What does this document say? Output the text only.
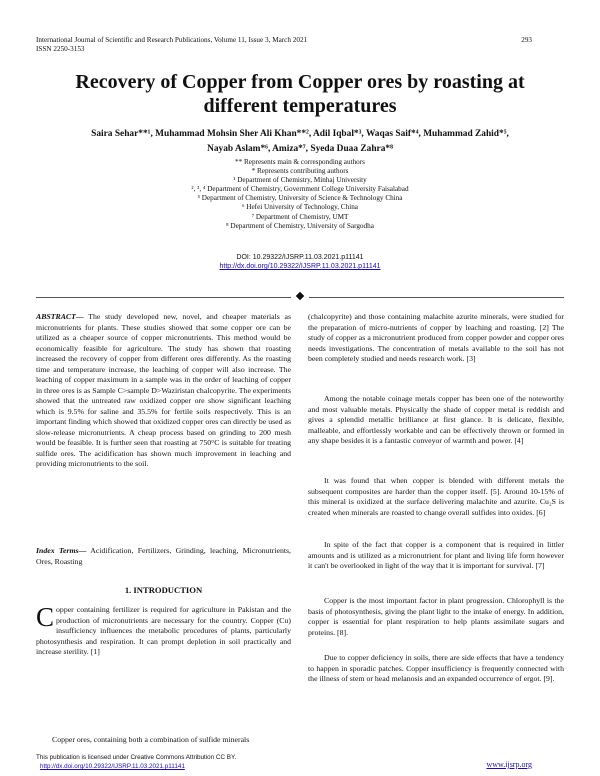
International Journal of Scientific and Research Publications, Volume 11, Issue 3, March 2021
ISSN 2250-3153
293
Recovery of Copper from Copper ores by roasting at different temperatures
Saira Sehar**¹, Muhammad Mohsin Sher Ali Khan**², Adil Iqbal*³, Waqas Saif*⁴, Muhammad Zahid*⁵,
Nayab Aslam*⁶, Amiza*⁷, Syeda Duaa Zahra*⁸
** Represents main & corresponding authors
* Represents contributing authors
¹ Department of Chemistry, Minhaj University
², ³, ⁴ Department of Chemistry, Government College University Faisalabad
⁵ Department of Chemistry, University of Science & Technology China
⁶ Hefei University of Technology, China
⁷ Department of Chemistry, UMT
⁸ Department of Chemistry, University of Sargodha
DOI: 10.29322/IJSRP.11.03.2021.p11141
http://dx.doi.org/10.29322/IJSRP.11.03.2021.p11141

ABSTRACT— The study developed new, novel, and cheaper materials as micronutrients for plants. These studies showed that some copper ore can be utilized as a cheaper source of copper micronutrients. This method would be economically feasible for agriculture. The study has shown that roasting increased the recovery of copper from different ores differently. As the roasting time and temperature increase, the leaching of copper will also increase. The leaching of copper maximum in a sample was in the order of leaching of copper in three ores is as Sample C>sample D>Waziristan chalcopyrite. The experiments showed that the untreated raw oxidized copper ore show significant leaching which is 9.5% for saline and 35.5% for fertile soils respectively. This is an important finding which showed that oxidized copper ores can directly be used as slow-release micronutrients. A cheap process based on grinding to 200 mesh would be feasible. It is further seen that roasting at 750°C is suitable for treating sulfide ores. The acidification has shown much improvement in leaching and providing micronutrients to the soil.

Index Terms— Acidification, Fertilizers, Grinding, leaching, Micronutrients, Ores, Roasting

1. INTRODUCTION

Copper containing fertilizer is required for agriculture in Pakistan and the production of micronutrients are necessary for the country. Copper (Cu) insufficiency influences the metabolic procedures of plants, particularly photosynthesis and respiration. It can prompt depletion in soil practically and increase sterility. [1]

Copper ores, containing both a combination of sulfide minerals

(chalcopyrite) and those containing malachite azurite minerals, were studied for the preparation of micro-nutrients of copper by leaching and roasting. [2] The study of copper as a micronutrient produced from copper powder and copper ores needs investigations. The concentration of metals available to the soil has not been completely studied and needs research work. [3]

Among the notable coinage metals copper has been one of the noteworthy and most valuable metals. Physically the shade of copper metal is reddish and gives a splendid metallic brilliance at first glance. It is delicate, flexible, malleable, and effortlessly workable and can be effectively thrown or formed in any shape besides it is a fantastic conveyor of warmth and power. [4]

It was found that when copper is blended with different metals the subsequent composites are harder than the copper itself. [5]. Around 10-15% of this mineral is oxidized at the surface delivering malachite and azurite. Cu₂S is created when minerals are roasted to change overall sulfides into oxides. [6]

In spite of the fact that copper is a component that is required in littler amounts and is utilized as a micronutrient for plant and living life form however it can't be overlooked in light of the way that it is important for survival. [7]

Copper is the most important factor in plant progression. Chlorophyll is the basis of photosynthesis, giving the plant light to the intake of energy. In addition, copper is essential for plant respiration to help plants assimilate sugars and proteins. [8].

Due to copper deficiency in soils, there are side effects that have a tendency to happen in sporadic patches. Copper insufficiency is frequently connected with the illness of stem or head melanosis and an expanded occurrence of ergot. [9].

This publication is licensed under Creative Commons Attribution CC BY.
http://dx.doi.org/10.29322/IJSRP.11.03.2021.p11141	www.ijsrp.org
